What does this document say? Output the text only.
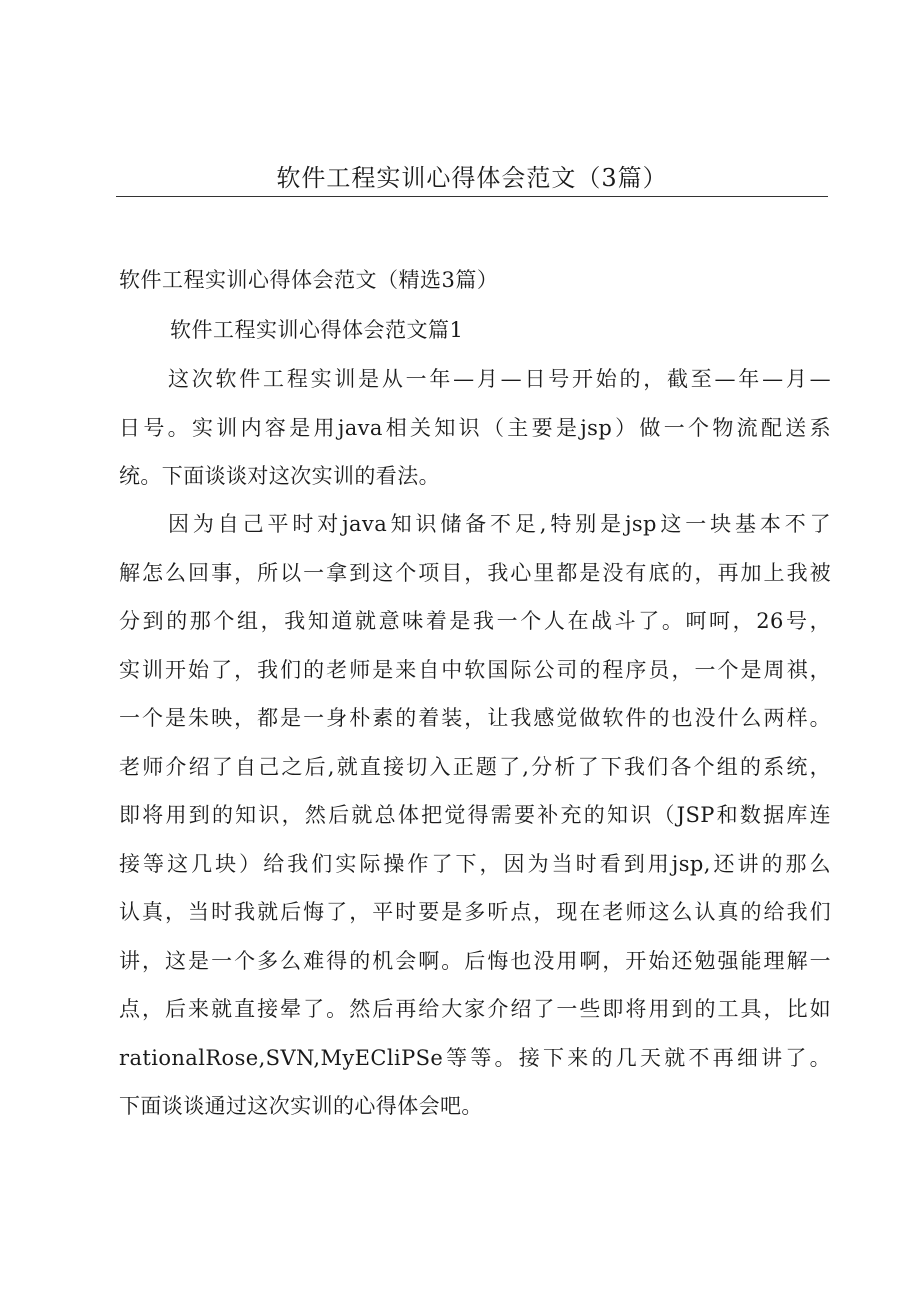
软件工程实训心得体会范文（3篇）
软件工程实训心得体会范文（精选3篇）
软件工程实训心得体会范文篇1
这次软件工程实训是从一年—月—日号开始的，截至—年—月—
日号。实训内容是用java相关知识（主要是jsp）做一个物流配送系
统。下面谈谈对这次实训的看法。
因为自己平时对java知识储备不足,特别是jsp这一块基本不了
解怎么回事，所以一拿到这个项目，我心里都是没有底的，再加上我被
分到的那个组，我知道就意味着是我一个人在战斗了。呵呵，26号，
实训开始了，我们的老师是来自中软国际公司的程序员，一个是周祺，
一个是朱映，都是一身朴素的着装，让我感觉做软件的也没什么两样。
老师介绍了自己之后,就直接切入正题了,分析了下我们各个组的系统，
即将用到的知识，然后就总体把觉得需要补充的知识（JSP和数据库连
接等这几块）给我们实际操作了下，因为当时看到用jsp,还讲的那么
认真，当时我就后悔了，平时要是多听点，现在老师这么认真的给我们
讲，这是一个多么难得的机会啊。后悔也没用啊，开始还勉强能理解一
点，后来就直接晕了。然后再给大家介绍了一些即将用到的工具，比如
rationalRose,SVN,MyECliPSe等等。接下来的几天就不再细讲了。
下面谈谈通过这次实训的心得体会吧。
